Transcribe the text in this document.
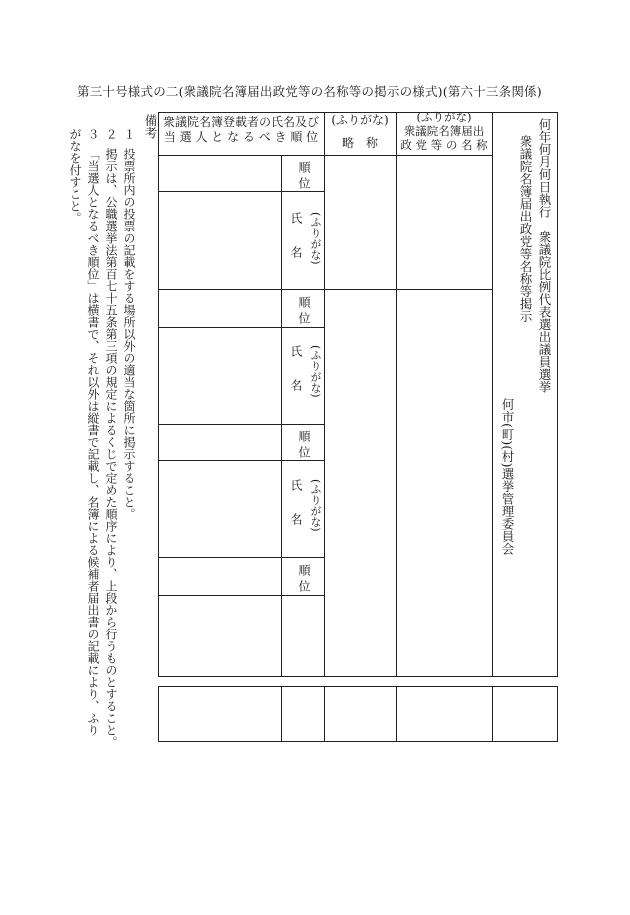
第三十号様式の二(衆議院名簿届出政党等の名称等の掲示の様式)(第六十三条関係)
衆議院名簿登載者の氏名及び
当 選 人 と な る べ き 順 位
(ふりがな)
略　称
(ふりがな)
衆議院名簿届出
政 党 等 の 名 称
順位
(ふりがな)
氏名
順位
(ふりがな)
氏名
順位
(ふりがな)
氏名
順位
何年何月何日執行　衆議院比例代表選出議員選挙
衆議院名簿届出政党等名称等掲示
何市(町)(村)選挙管理委員会
備考
１投票所内の投票の記載をする場所以外の適当な箇所に掲示すること。
２掲示は、公職選挙法第百七十五条第三項の規定によるくじで定めた順序により、上段から行うものとすること。
３「当選人となるべき順位」は横書で、それ以外は縦書で記載し、名簿による候補者届出書の記載により、ふり
がなを付すこと。
